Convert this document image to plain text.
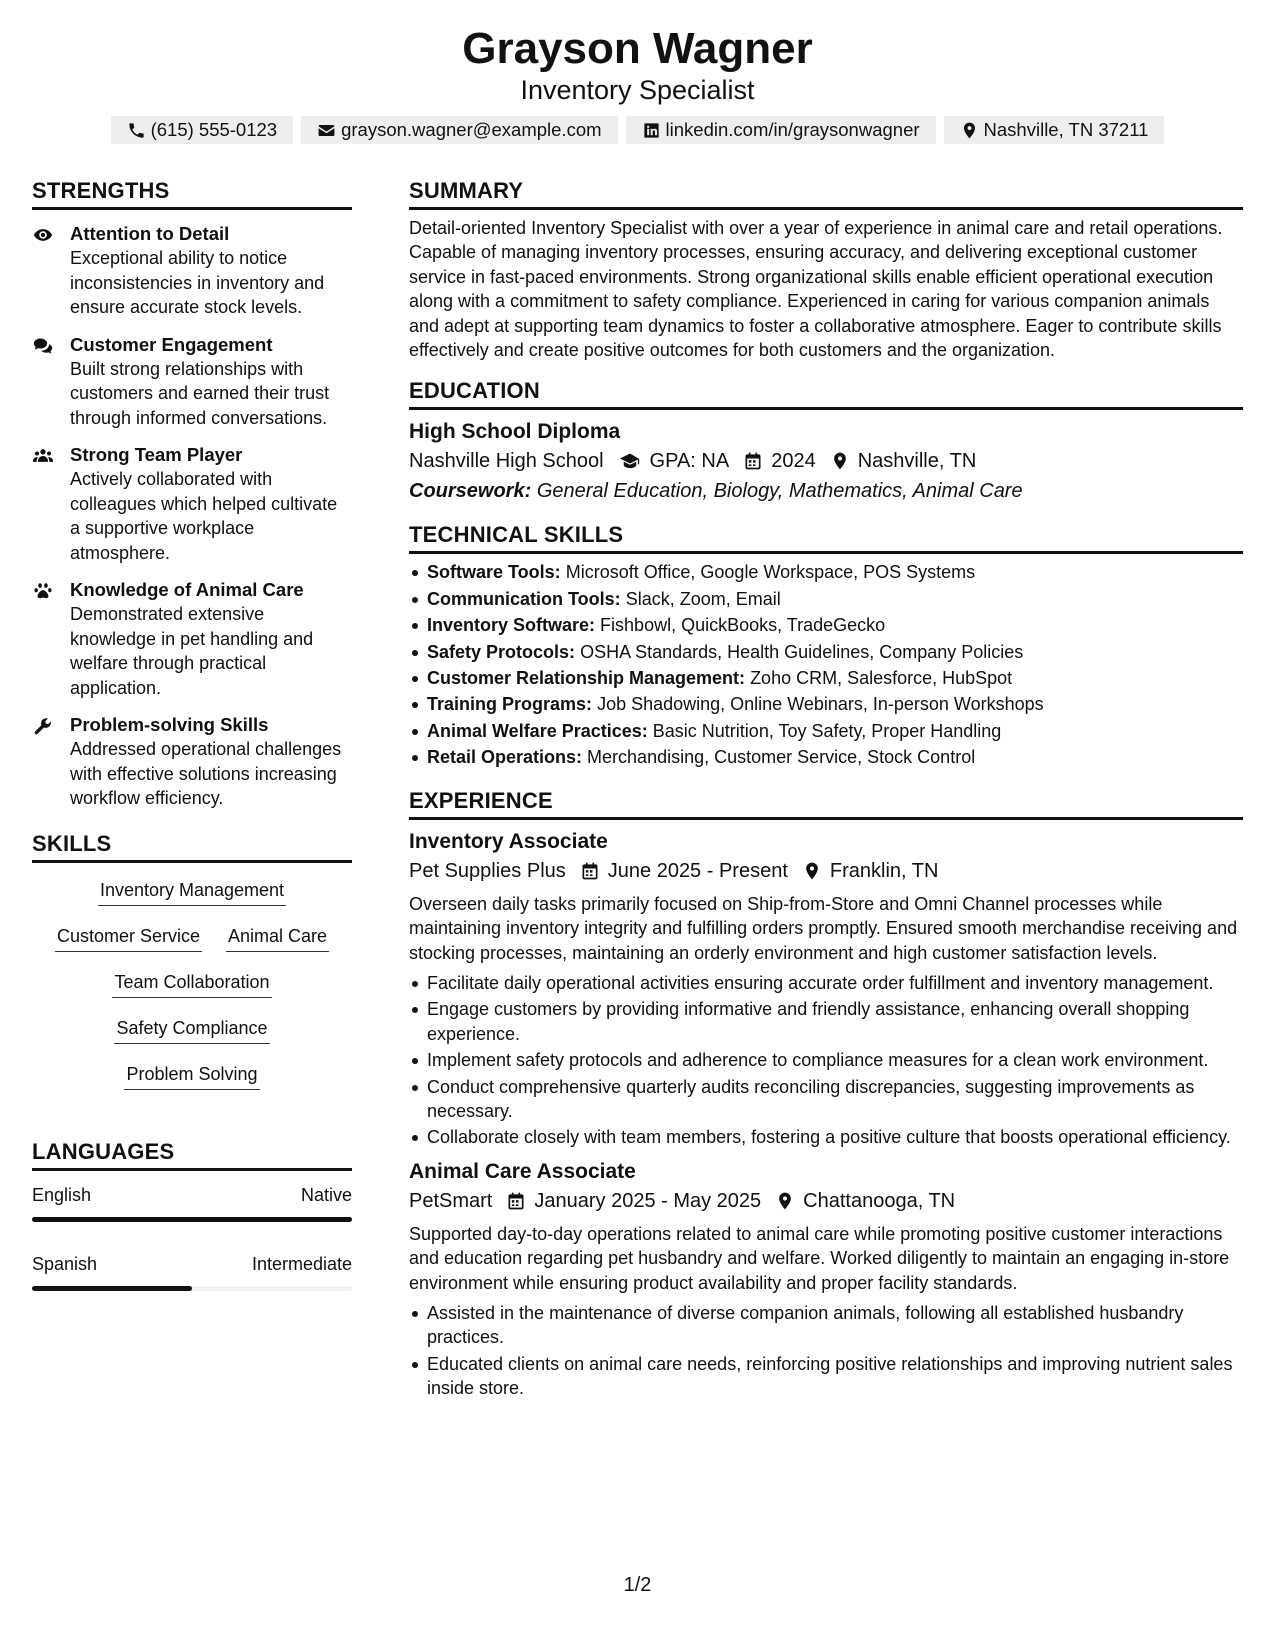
Grayson Wagner
Inventory Specialist
(615) 555-0123	grayson.wagner@example.com	linkedin.com/in/graysonwagner	Nashville, TN 37211
STRENGTHS
Attention to Detail
Exceptional ability to notice inconsistencies in inventory and ensure accurate stock levels.
Customer Engagement
Built strong relationships with customers and earned their trust through informed conversations.
Strong Team Player
Actively collaborated with colleagues which helped cultivate a supportive workplace atmosphere.
Knowledge of Animal Care
Demonstrated extensive knowledge in pet handling and welfare through practical application.
Problem-solving Skills
Addressed operational challenges with effective solutions increasing workflow efficiency.
SKILLS
Inventory Management
Customer Service Animal Care
Team Collaboration
Safety Compliance
Problem Solving
LANGUAGES
English	Native
Spanish	Intermediate
SUMMARY
Detail-oriented Inventory Specialist with over a year of experience in animal care and retail operations. Capable of managing inventory processes, ensuring accuracy, and delivering exceptional customer service in fast-paced environments. Strong organizational skills enable efficient operational execution along with a commitment to safety compliance. Experienced in caring for various companion animals and adept at supporting team dynamics to foster a collaborative atmosphere. Eager to contribute skills effectively and create positive outcomes for both customers and the organization.
EDUCATION
High School Diploma
Nashville High School GPA: NA 2024 Nashville, TN
Coursework: General Education, Biology, Mathematics, Animal Care
TECHNICAL SKILLS
Software Tools: Microsoft Office, Google Workspace, POS Systems
Communication Tools: Slack, Zoom, Email
Inventory Software: Fishbowl, QuickBooks, TradeGecko
Safety Protocols: OSHA Standards, Health Guidelines, Company Policies
Customer Relationship Management: Zoho CRM, Salesforce, HubSpot
Training Programs: Job Shadowing, Online Webinars, In-person Workshops
Animal Welfare Practices: Basic Nutrition, Toy Safety, Proper Handling
Retail Operations: Merchandising, Customer Service, Stock Control
EXPERIENCE
Inventory Associate
Pet Supplies Plus June 2025 - Present Franklin, TN
Overseen daily tasks primarily focused on Ship-from-Store and Omni Channel processes while maintaining inventory integrity and fulfilling orders promptly. Ensured smooth merchandise receiving and stocking processes, maintaining an orderly environment and high customer satisfaction levels.
Facilitate daily operational activities ensuring accurate order fulfillment and inventory management.
Engage customers by providing informative and friendly assistance, enhancing overall shopping experience.
Implement safety protocols and adherence to compliance measures for a clean work environment.
Conduct comprehensive quarterly audits reconciling discrepancies, suggesting improvements as necessary.
Collaborate closely with team members, fostering a positive culture that boosts operational efficiency.
Animal Care Associate
PetSmart January 2025 - May 2025 Chattanooga, TN
Supported day-to-day operations related to animal care while promoting positive customer interactions and education regarding pet husbandry and welfare. Worked diligently to maintain an engaging in-store environment while ensuring product availability and proper facility standards.
Assisted in the maintenance of diverse companion animals, following all established husbandry practices.
Educated clients on animal care needs, reinforcing positive relationships and improving nutrient sales inside store.
1/2
